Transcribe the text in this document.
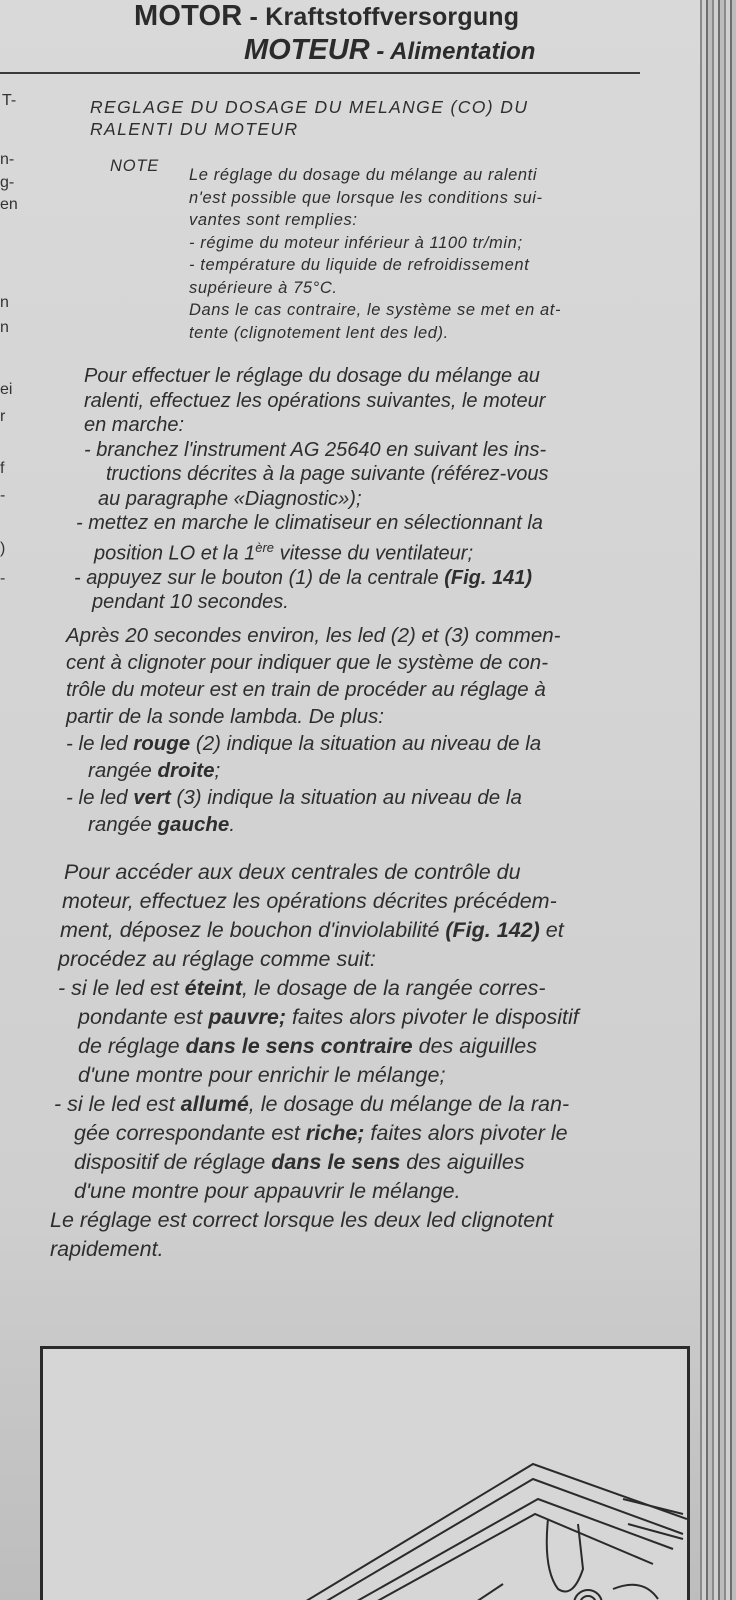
MOTOR - Kraftstoffversorgung
MOTEUR - Alimentation
T-
n-
g-
en
n
n
ei
r
f
-
)
-
REGLAGE DU DOSAGE DU MELANGE (CO) DU
RALENTI DU MOTEUR
NOTE Le réglage du dosage du mélange au ralenti
n'est possible que lorsque les conditions sui-
vantes sont remplies:
- régime du moteur inférieur à 1100 tr/min;
- température du liquide de refroidissement
supérieure à 75°C.
Dans le cas contraire, le système se met en at-
tente (clignotement lent des led).
Pour effectuer le réglage du dosage du mélange au
ralenti, effectuez les opérations suivantes, le moteur
en marche:
- branchez l'instrument AG 25640 en suivant les ins-
tructions décrites à la page suivante (référez-vous
au paragraphe «Diagnostic»);
- mettez en marche le climatiseur en sélectionnant la
position LO et la 1ère vitesse du ventilateur;
- appuyez sur le bouton (1) de la centrale (Fig. 141)
pendant 10 secondes.
Après 20 secondes environ, les led (2) et (3) commen-
cent à clignoter pour indiquer que le système de con-
trôle du moteur est en train de procéder au réglage à
partir de la sonde lambda. De plus:
- le led rouge (2) indique la situation au niveau de la
rangée droite;
- le led vert (3) indique la situation au niveau de la
rangée gauche.
Pour accéder aux deux centrales de contrôle du
moteur, effectuez les opérations décrites précédem-
ment, déposez le bouchon d'inviolabilité (Fig. 142) et
procédez au réglage comme suit:
- si le led est éteint, le dosage de la rangée corres-
pondante est pauvre; faites alors pivoter le dispositif
de réglage dans le sens contraire des aiguilles
d'une montre pour enrichir le mélange;
- si le led est allumé, le dosage du mélange de la ran-
gée correspondante est riche; faites alors pivoter le
dispositif de réglage dans le sens des aiguilles
d'une montre pour appauvrir le mélange.
Le réglage est correct lorsque les deux led clignotent
rapidement.
